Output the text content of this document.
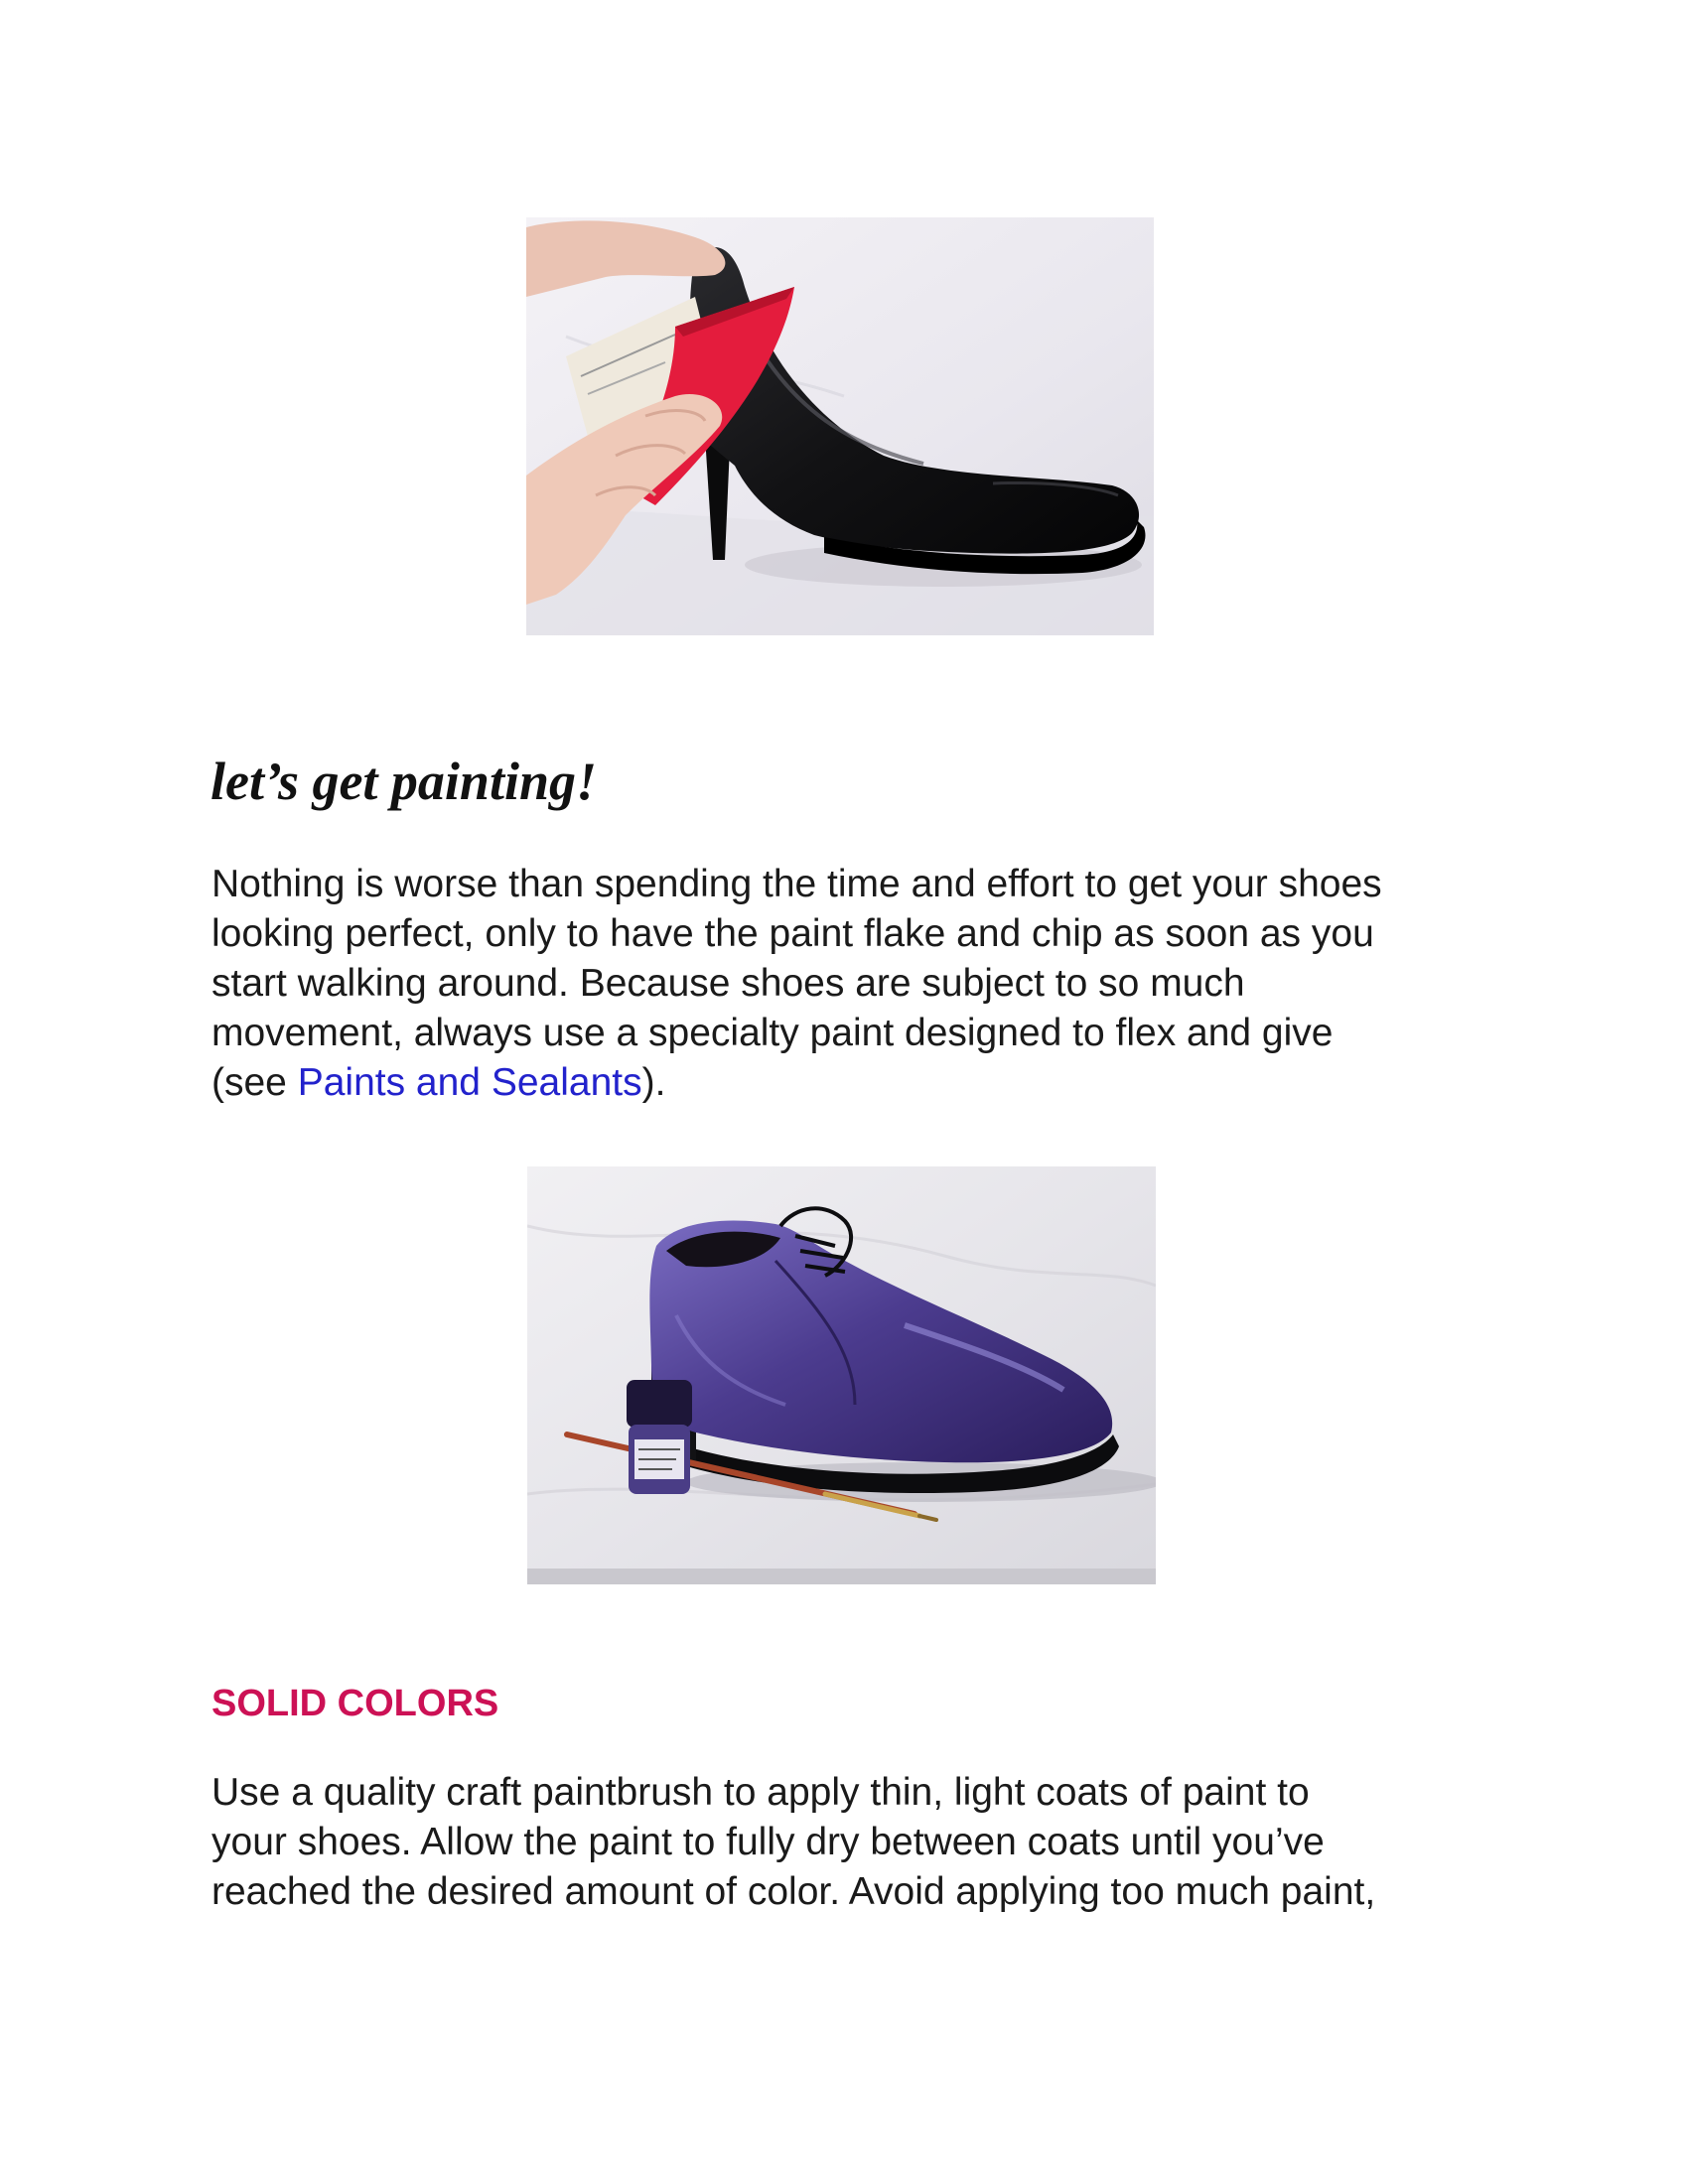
let’s get painting!

Nothing is worse than spending the time and effort to get your shoes
looking perfect, only to have the paint flake and chip as soon as you
start walking around. Because shoes are subject to so much
movement, always use a specialty paint designed to flex and give
(see Paints and Sealants).

SOLID COLORS

Use a quality craft paintbrush to apply thin, light coats of paint to
your shoes. Allow the paint to fully dry between coats until you’ve
reached the desired amount of color. Avoid applying too much paint,
